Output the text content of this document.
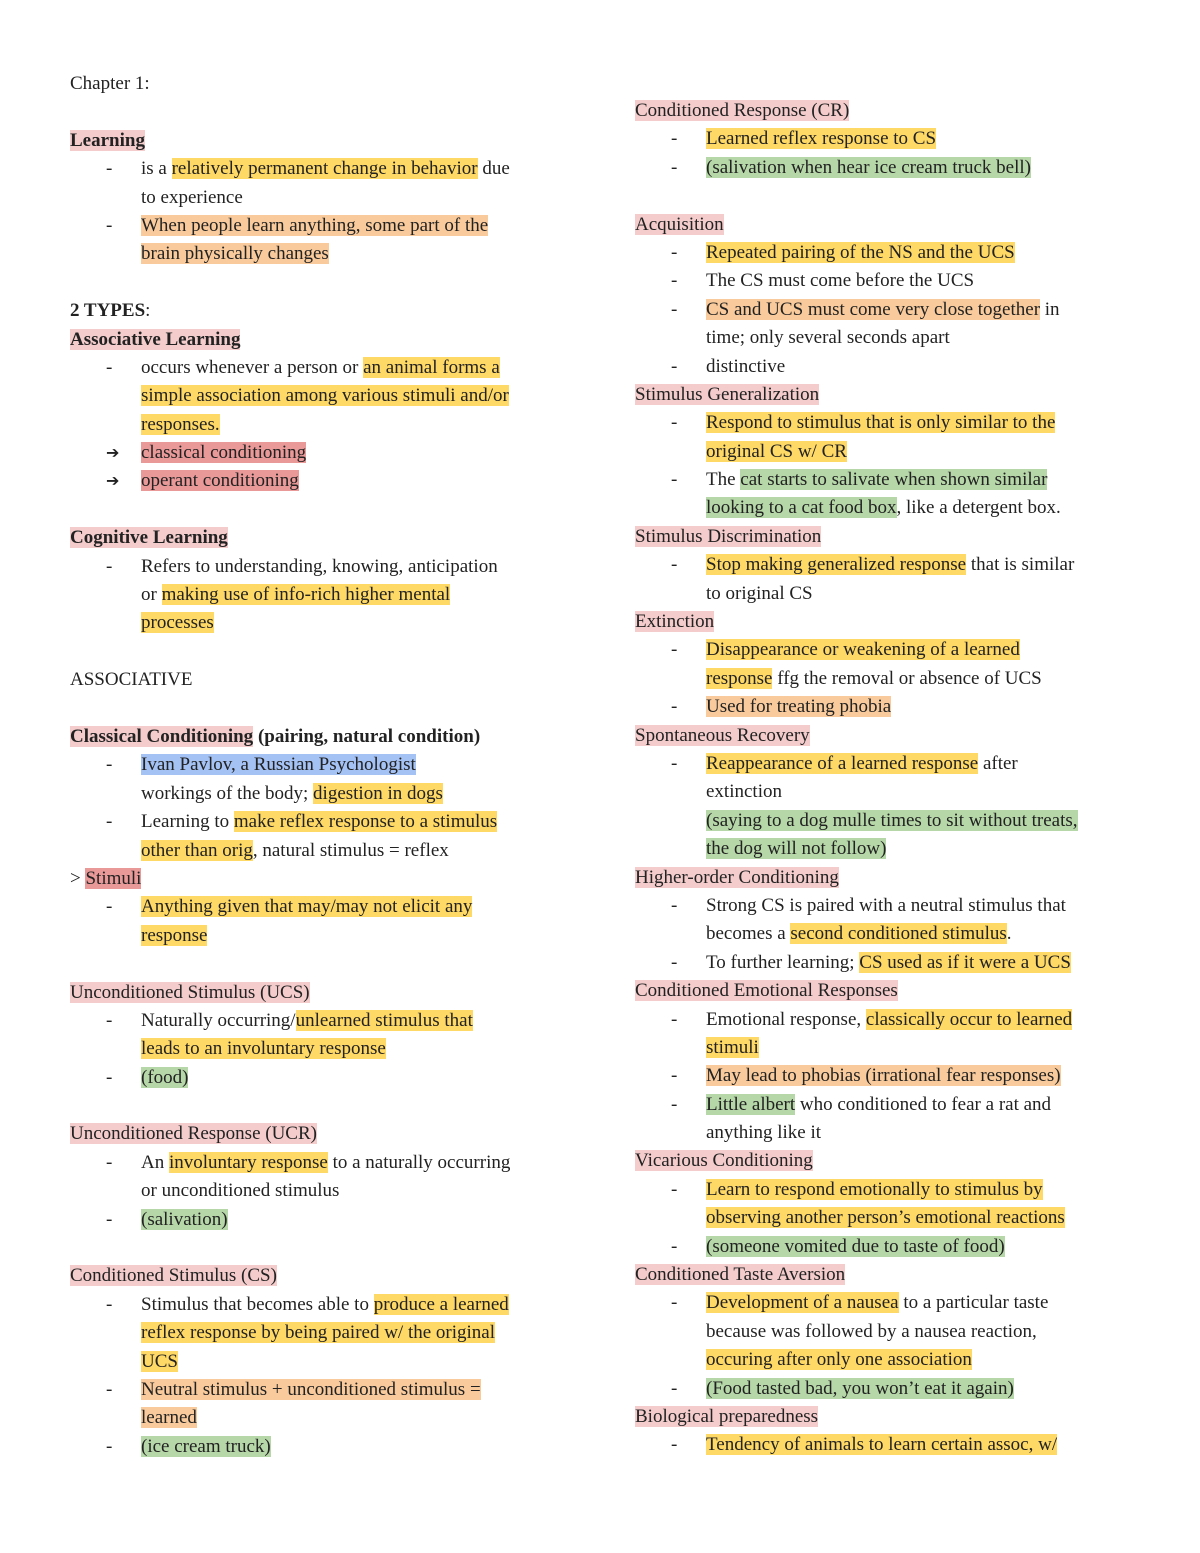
Chapter 1:
Learning
- is a relatively permanent change in behavior due
to experience
- When people learn anything, some part of the
brain physically changes
2 TYPES:
Associative Learning
- occurs whenever a person or an animal forms a
simple association among various stimuli and/or
responses.
➔ classical conditioning
➔ operant conditioning
Cognitive Learning
- Refers to understanding, knowing, anticipation
or making use of info-rich higher mental
processes
ASSOCIATIVE
Classical Conditioning (pairing, natural condition)
- Ivan Pavlov, a Russian Psychologist
workings of the body; digestion in dogs
- Learning to make reflex response to a stimulus
other than orig, natural stimulus = reflex
> Stimuli
- Anything given that may/may not elicit any
response
Unconditioned Stimulus (UCS)
- Naturally occurring/unlearned stimulus that
leads to an involuntary response
- (food)
Unconditioned Response (UCR)
- An involuntary response to a naturally occurring
or unconditioned stimulus
- (salivation)
Conditioned Stimulus (CS)
- Stimulus that becomes able to produce a learned
reflex response by being paired w/ the original
UCS
- Neutral stimulus + unconditioned stimulus =
learned
- (ice cream truck)
Conditioned Response (CR)
- Learned reflex response to CS
- (salivation when hear ice cream truck bell)
Acquisition
- Repeated pairing of the NS and the UCS
- The CS must come before the UCS
- CS and UCS must come very close together in
time; only several seconds apart
- distinctive
Stimulus Generalization
- Respond to stimulus that is only similar to the
original CS w/ CR
- The cat starts to salivate when shown similar
looking to a cat food box, like a detergent box.
Stimulus Discrimination
- Stop making generalized response that is similar
to original CS
Extinction
- Disappearance or weakening of a learned
response ffg the removal or absence of UCS
- Used for treating phobia
Spontaneous Recovery
- Reappearance of a learned response after
extinction
(saying to a dog mulle times to sit without treats,
the dog will not follow)
Higher-order Conditioning
- Strong CS is paired with a neutral stimulus that
becomes a second conditioned stimulus.
- To further learning; CS used as if it were a UCS
Conditioned Emotional Responses
- Emotional response, classically occur to learned
stimuli
- May lead to phobias (irrational fear responses)
- Little albert who conditioned to fear a rat and
anything like it
Vicarious Conditioning
- Learn to respond emotionally to stimulus by
observing another person’s emotional reactions
- (someone vomited due to taste of food)
Conditioned Taste Aversion
- Development of a nausea to a particular taste
because was followed by a nausea reaction,
occuring after only one association
- (Food tasted bad, you won’t eat it again)
Biological preparedness
- Tendency of animals to learn certain assoc, w/
